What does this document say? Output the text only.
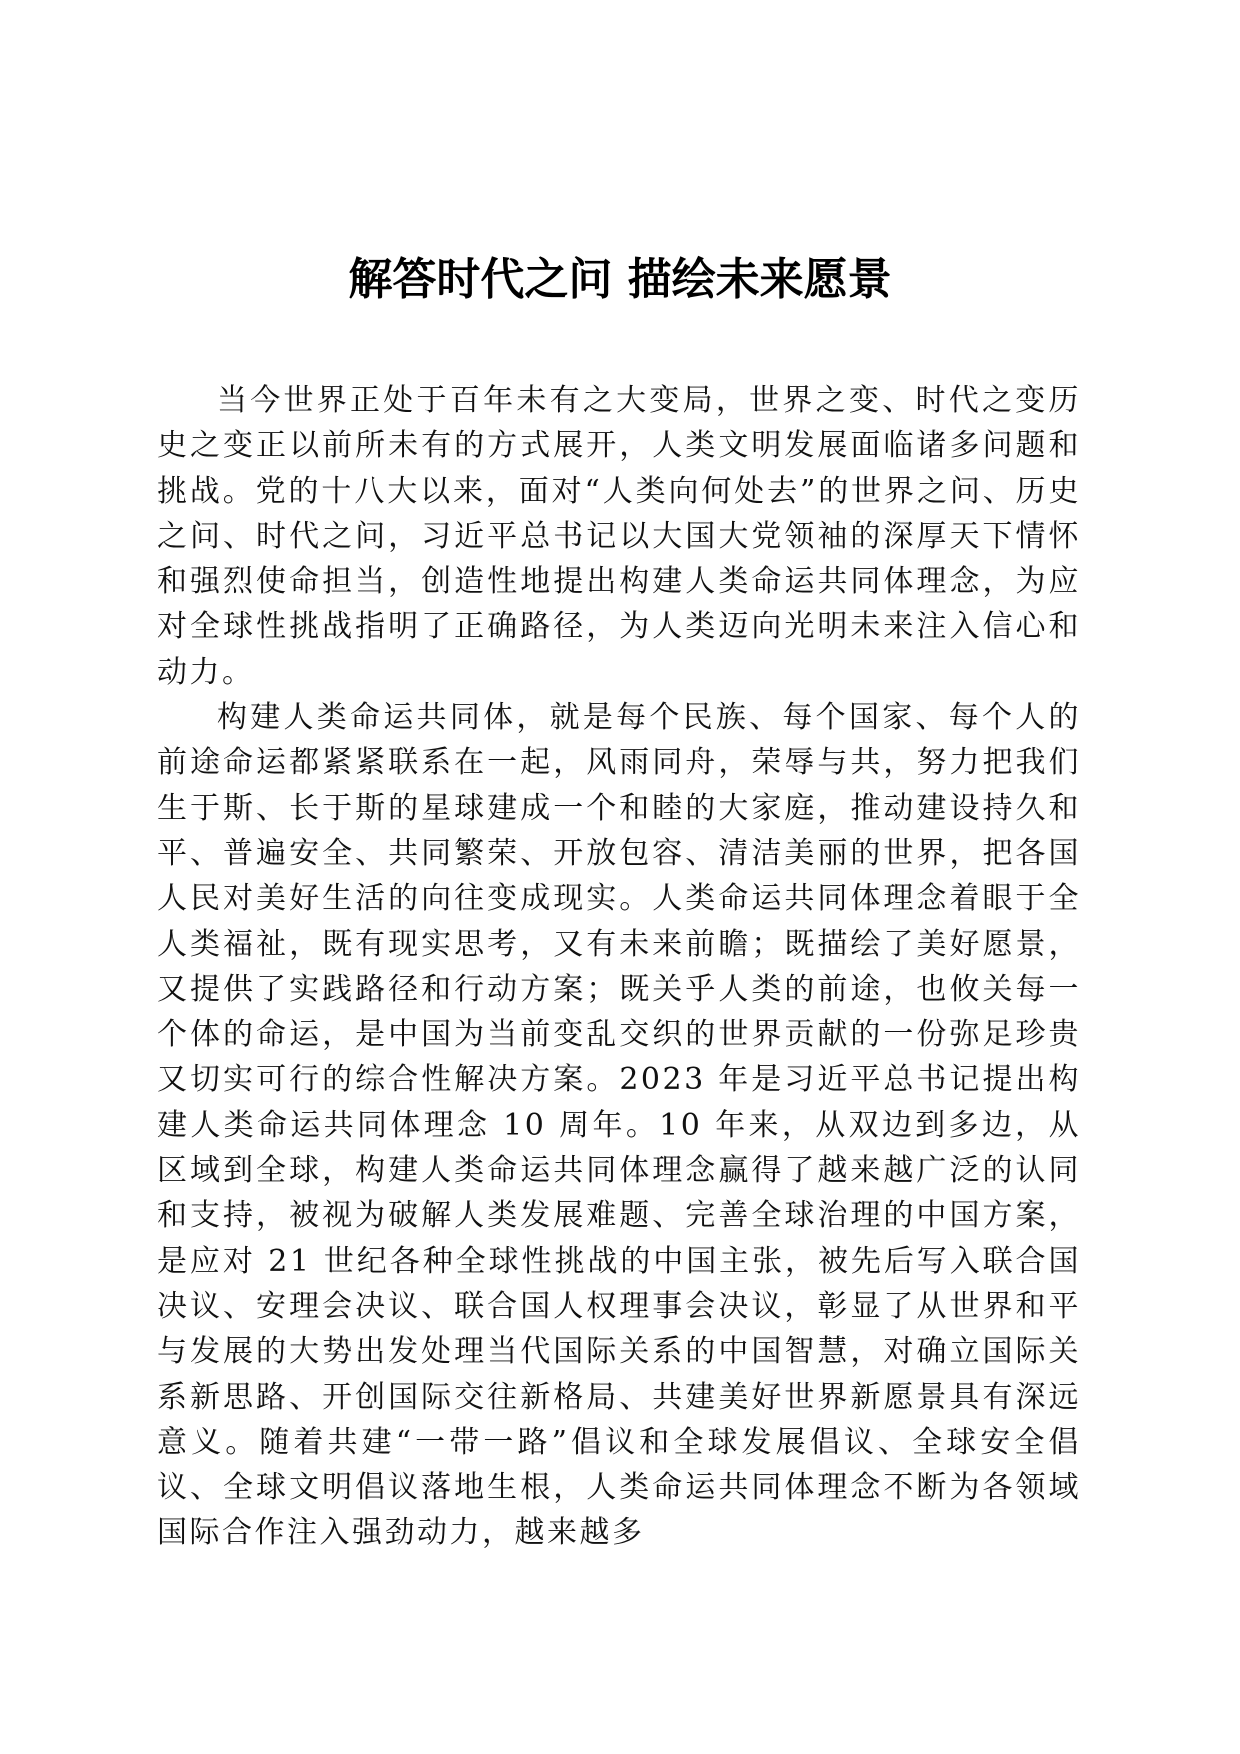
解答时代之问 描绘未来愿景

当今世界正处于百年未有之大变局，世界之变、时代之变历史之变正以前所未有的方式展开，人类文明发展面临诸多问题和挑战。党的十八大以来，面对“人类向何处去”的世界之问、历史之问、时代之问，习近平总书记以大国大党领袖的深厚天下情怀和强烈使命担当，创造性地提出构建人类命运共同体理念，为应对全球性挑战指明了正确路径，为人类迈向光明未来注入信心和动力。

构建人类命运共同体，就是每个民族、每个国家、每个人的前途命运都紧紧联系在一起，风雨同舟，荣辱与共，努力把我们生于斯、长于斯的星球建成一个和睦的大家庭，推动建设持久和平、普遍安全、共同繁荣、开放包容、清洁美丽的世界，把各国人民对美好生活的向往变成现实。人类命运共同体理念着眼于全人类福祉，既有现实思考，又有未来前瞻；既描绘了美好愿景，又提供了实践路径和行动方案；既关乎人类的前途，也攸关每一个体的命运，是中国为当前变乱交织的世界贡献的一份弥足珍贵又切实可行的综合性解决方案。2023 年是习近平总书记提出构建人类命运共同体理念 10 周年。10 年来，从双边到多边，从区域到全球，构建人类命运共同体理念赢得了越来越广泛的认同和支持，被视为破解人类发展难题、完善全球治理的中国方案，是应对 21 世纪各种全球性挑战的中国主张，被先后写入联合国决议、安理会决议、联合国人权理事会决议，彰显了从世界和平与发展的大势出发处理当代国际关系的中国智慧，对确立国际关系新思路、开创国际交往新格局、共建美好世界新愿景具有深远意义。随着共建“一带一路”倡议和全球发展倡议、全球安全倡议、全球文明倡议落地生根，人类命运共同体理念不断为各领域国际合作注入强劲动力，越来越多
